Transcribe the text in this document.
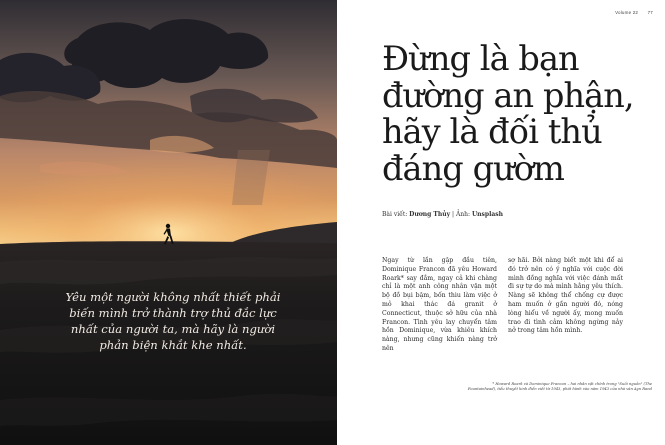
Yêu một người không nhất thiết phải biến mình trở thành trợ thủ đắc lực nhất của người ta, mà hãy là người phản biện khắt khe nhất.
Volume 22 77
Đừng là bạn
đường an phận,
hãy là đối thủ
đáng gườm
Bài viết: Dương Thủy | Ảnh: Unsplash
Ngay từ lần gặp đầu tiên, Dominique Francon đã yêu Howard Roark* say đắm, ngay cả khi chàng chỉ là một anh công nhân vận một bộ đồ bụi bặm, bốn thiu làm việc ở mỏ khai thác đá granit ở Connecticut, thuộc sở hữu của nhà Francon. Tình yêu lay chuyển tâm hồn Dominique, vừa khiêu khích nàng, nhưng cũng khiến nàng trở nên
sợ hãi. Bởi nàng biết một khi để ai đó trở nên có ý nghĩa với cuộc đời mình đồng nghĩa với việc đánh mất đi sự tự do mà mình hằng yêu thích. Nàng sẽ không thể chống cự được ham muốn ở gần người đó, nóng lòng hiểu về người ấy, mong muốn trao đi tình cảm không ngừng nảy nở trong tâm hồn mình.
* Howard Roark và Dominique Francon – hai nhân vật chính trong "Suối nguồn" (The Fountainhead), tiểu thuyết kinh điển viết từ 1943, phát hành vào năm 1943 của nhà văn Ayn Rand
